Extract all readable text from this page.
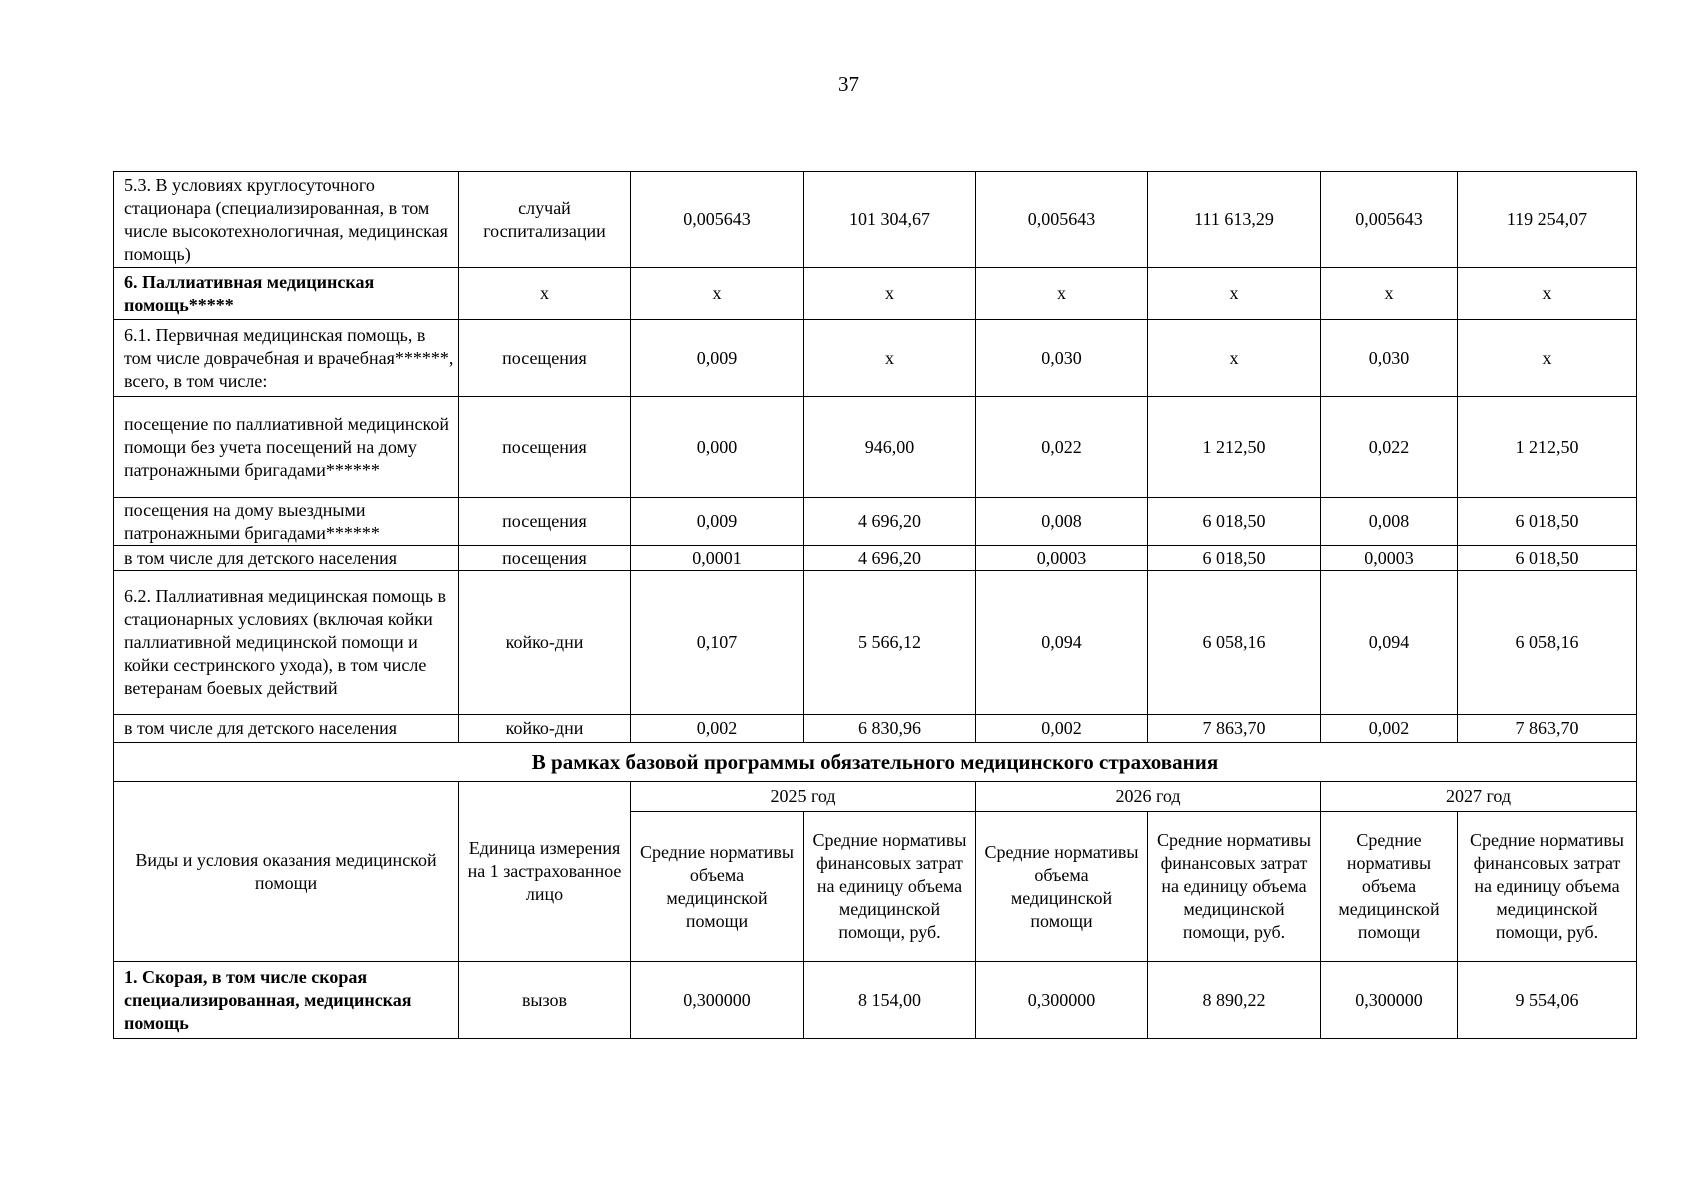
37
5.3. В условиях круглосуточного стационара (специализированная, в том числе высокотехнологичная, медицинская помощь)	случай госпитализации	0,005643	101 304,67	0,005643	111 613,29	0,005643	119 254,07
6. Паллиативная медицинская помощь*****	х	х	х	х	х	х	х
6.1. Первичная медицинская помощь, в том числе доврачебная и врачебная******, всего, в том числе:	посещения	0,009	х	0,030	х	0,030	х
посещение по паллиативной медицинской помощи без учета посещений на дому патронажными бригадами******	посещения	0,000	946,00	0,022	1 212,50	0,022	1 212,50
посещения на дому выездными патронажными бригадами******	посещения	0,009	4 696,20	0,008	6 018,50	0,008	6 018,50
в том числе для детского населения	посещения	0,0001	4 696,20	0,0003	6 018,50	0,0003	6 018,50
6.2. Паллиативная медицинская помощь в стационарных условиях (включая койки паллиативной медицинской помощи и койки сестринского ухода), в том числе ветеранам боевых действий	койко-дни	0,107	5 566,12	0,094	6 058,16	0,094	6 058,16
в том числе для детского населения	койко-дни	0,002	6 830,96	0,002	7 863,70	0,002	7 863,70
В рамках базовой программы обязательного медицинского страхования							
Виды и условия оказания медицинской помощи	Единица измерения на 1 застрахованное лицо	2025 год		2026 год		2027 год	
		Средние нормативы объема медицинской помощи	Средние нормативы финансовых затрат на единицу объема медицинской помощи, руб.	Средние нормативы объема медицинской помощи	Средние нормативы финансовых затрат на единицу объема медицинской помощи, руб.	Средние нормативы объема медицинской помощи	Средние нормативы финансовых затрат на единицу объема медицинской помощи, руб.
1. Скорая, в том числе скорая специализированная, медицинская помощь	вызов	0,300000	8 154,00	0,300000	8 890,22	0,300000	9 554,06
